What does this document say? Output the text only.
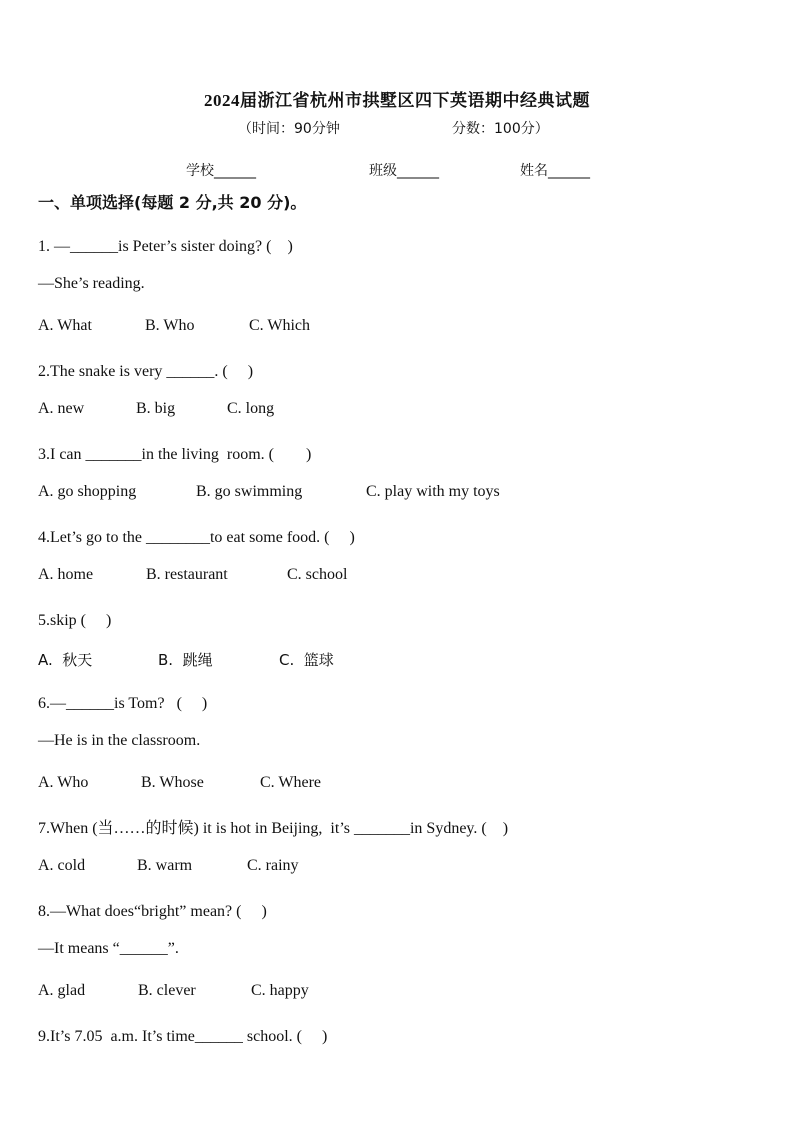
2024届浙江省杭州市拱墅区四下英语期中经典试题
（时间：90分钟	分数：100分）
学校______	班级______	姓名______
一、单项选择(每题 2 分,共 20 分)。
1. —______is Peter’s sister doing? (　)
—She’s reading.
A. What	B. Who	C. Which
2.The snake is very ______. (　 )
A. new	B. big	C. long
3.I can _______in the living  room. (　　)
A. go shopping	B. go swimming	C. play with my toys
4.Let’s go to the ________to eat some food. (　 )
A. home	B. restaurant	C. school
5.skip (　 )
A.  秋天	B.  跳绳	C.  篮球
6.—______is Tom?   (　 )
—He is in the classroom.
A. Who	B. Whose	C. Where
7.When (当……的时候) it is hot in Beijing,  it’s _______in Sydney. (　)
A. cold	B. warm	C. rainy
8.—What does“bright” mean? (　 )
—It means “______”.
A. glad	B. clever	C. happy
9.It’s 7.05  a.m. It’s time______ school. (　 )
